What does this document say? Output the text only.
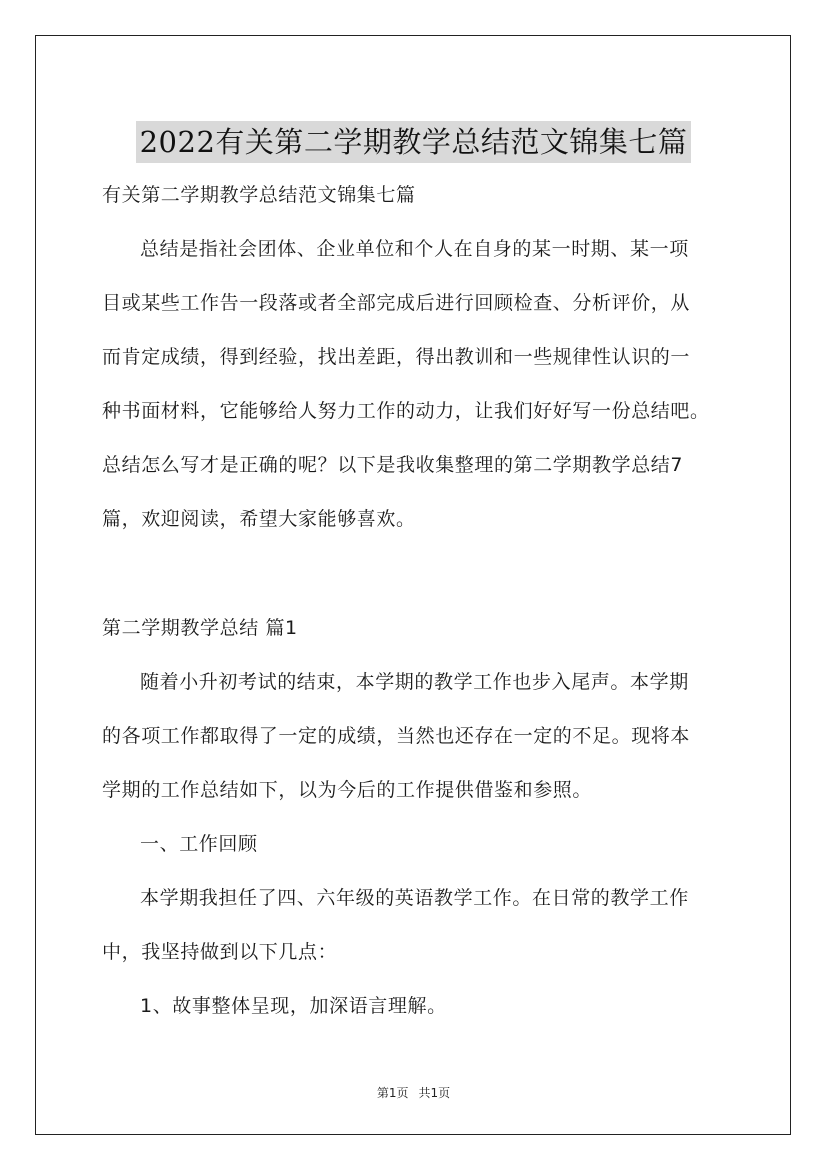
2022有关第二学期教学总结范文锦集七篇

有关第二学期教学总结范文锦集七篇

总结是指社会团体、企业单位和个人在自身的某一时期、某一项

目或某些工作告一段落或者全部完成后进行回顾检查、分析评价，从

而肯定成绩，得到经验，找出差距，得出教训和一些规律性认识的一

种书面材料，它能够给人努力工作的动力，让我们好好写一份总结吧。

总结怎么写才是正确的呢？以下是我收集整理的第二学期教学总结7

篇，欢迎阅读，希望大家能够喜欢。

第二学期教学总结 篇1

随着小升初考试的结束，本学期的教学工作也步入尾声。本学期

的各项工作都取得了一定的成绩，当然也还存在一定的不足。现将本

学期的工作总结如下，以为今后的工作提供借鉴和参照。

一、工作回顾

本学期我担任了四、六年级的英语教学工作。在日常的教学工作

中，我坚持做到以下几点：

1、故事整体呈现，加深语言理解。

第1页 共1页
